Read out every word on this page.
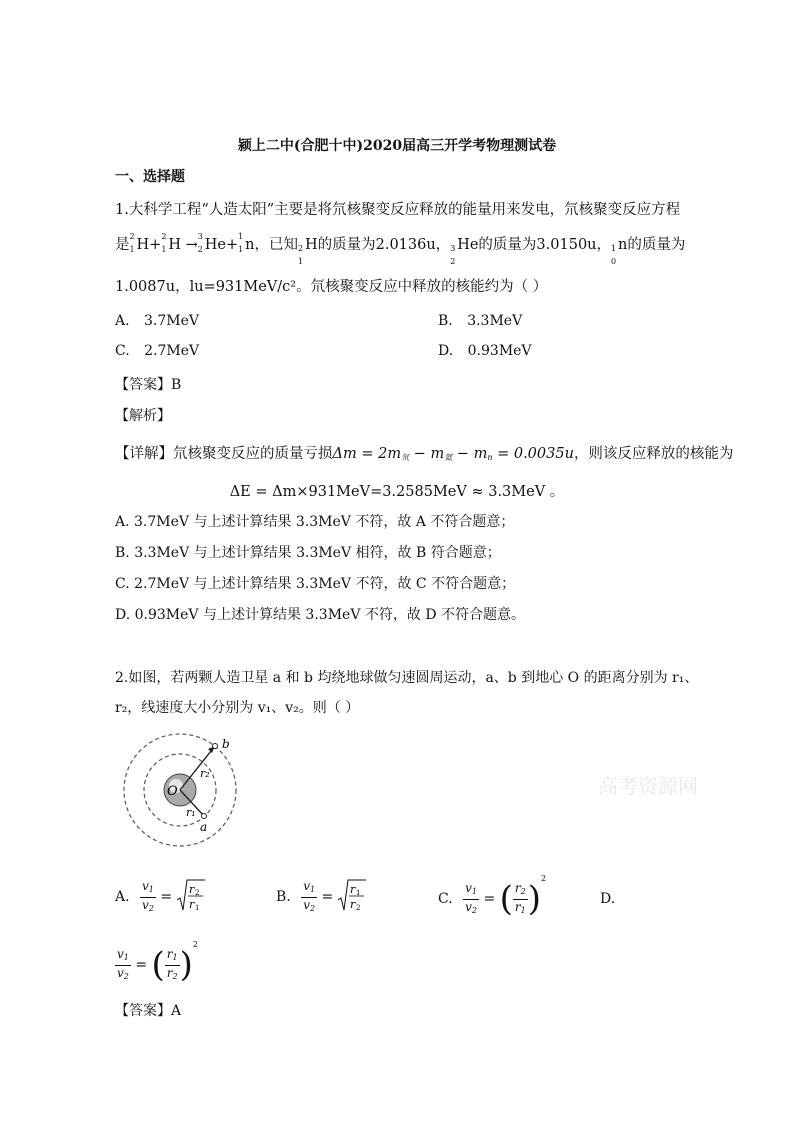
颍上二中(合肥十中)2020届高三开学考物理测试卷
一、选择题
1.大科学工程“人造太阳”主要是将氘核聚变反应释放的能量用来发电，氘核聚变反应方程
是
2
1 H+
2
1 H →
3
2 He+
1
1 n，已知 2
1
H的质量为2.0136u， 3
2
He的质量为3.0150u， 1
0
n的质量为
1.0087u，lu=931MeV/c²。氘核聚变反应中释放的核能约为（ ）
A. 3.7MeV	B. 3.3MeV
C. 2.7MeV	D. 0.93MeV
【答案】B
【解析】
【详解】氘核聚变反应的质量亏损$\Delta m = 2m_氘 - m_氦 - m_n = 0.0035u$，则该反应释放的核能为
ΔE = Δm×931MeV=3.2585MeV ≈ 3.3MeV 。
A. 3.7MeV 与上述计算结果 3.3MeV 不符，故 A 不符合题意；
B. 3.3MeV 与上述计算结果 3.3MeV 相符，故 B 符合题意；
C. 2.7MeV 与上述计算结果 3.3MeV 不符，故 C 不符合题意；
D. 0.93MeV 与上述计算结果 3.3MeV 不符，故 D 不符合题意。
2.如图，若两颗人造卫星 a 和 b 均绕地球做匀速圆周运动，a、b 到地心 O 的距离分别为 r₁、
r₂，线速度大小分别为 v₁、v₂。则（ ）
O
b
a
r₂
r₁
A. $\frac{v_1}{v_2} = r$ 2
r 1
B. $\frac{v_1}{v_2} = r$ 1
r 2
C. $\frac{v_1}{v_2}$ = ( $\frac{r_2}{r_1} )^2$
D.
$\frac{v_1}{v_2}$ = ( $\frac{r_1}{r_2} )^2$
【答案】A
高考资源网
